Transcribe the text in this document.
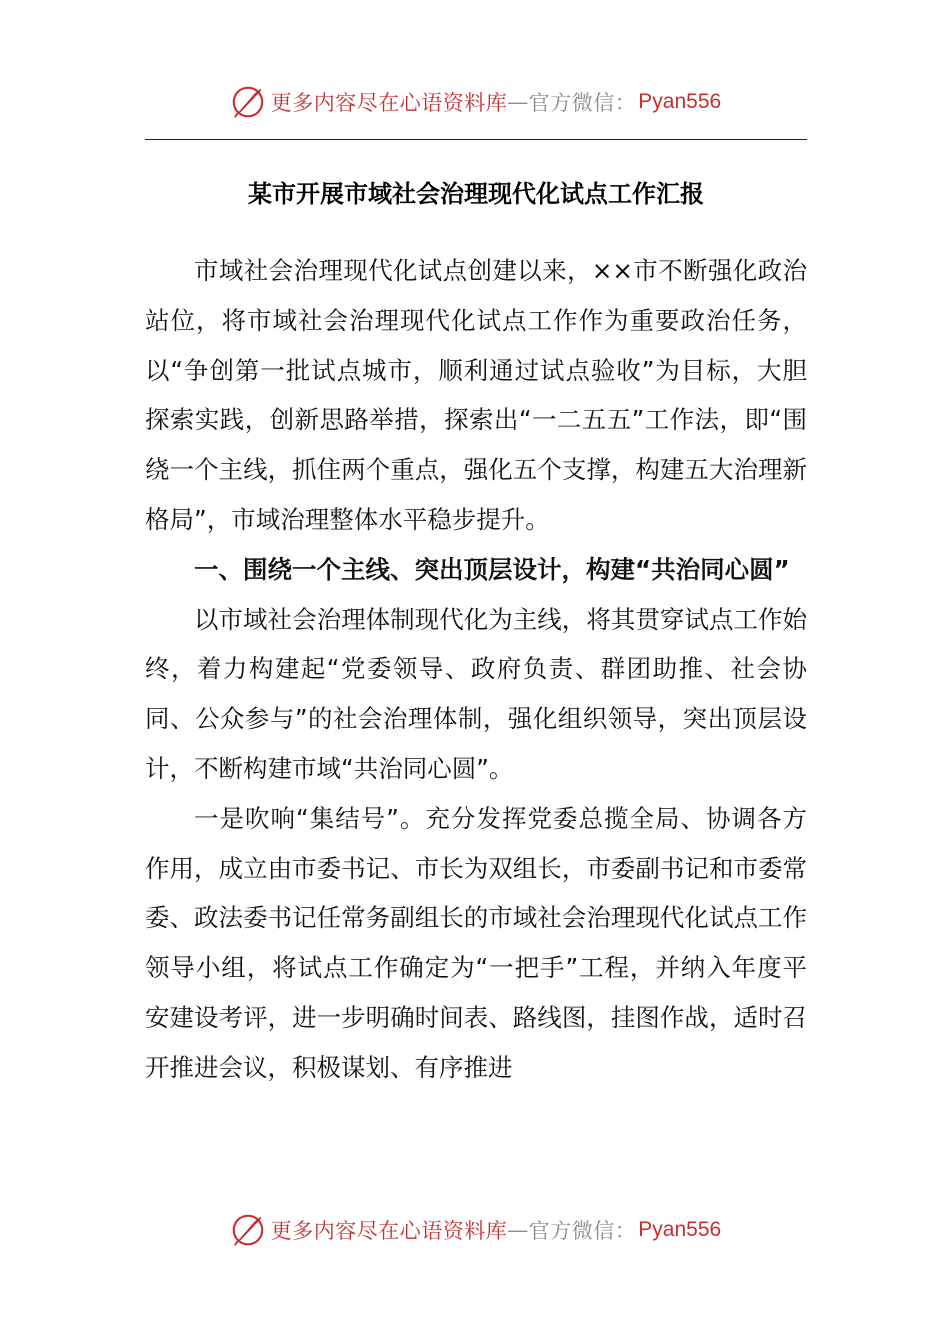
更多内容尽在心语资料库 — 官方微信： Pyan556
某市开展市域社会治理现代化试点工作汇报

市域社会治理现代化试点创建以来，××市不断强化政治站位，将市域社会治理现代化试点工作作为重要政治任务，以“争创第一批试点城市，顺利通过试点验收”为目标，大胆探索实践，创新思路举措，探索出“一二五五”工作法，即“围绕一个主线，抓住两个重点，强化五个支撑，构建五大治理新格局”，市域治理整体水平稳步提升。

一、围绕一个主线、突出顶层设计，构建“共治同心圆”

以市域社会治理体制现代化为主线，将其贯穿试点工作始终，着力构建起“党委领导、政府负责、群团助推、社会协同、公众参与”的社会治理体制，强化组织领导，突出顶层设计，不断构建市域“共治同心圆”。

一是吹响“集结号”。充分发挥党委总揽全局、协调各方作用，成立由市委书记、市长为双组长，市委副书记和市委常委、政法委书记任常务副组长的市域社会治理现代化试点工作领导小组，将试点工作确定为“一把手”工程，并纳入年度平安建设考评，进一步明确时间表、路线图，挂图作战，适时召开推进会议，积极谋划、有序推进

更多内容尽在心语资料库 — 官方微信： Pyan556
